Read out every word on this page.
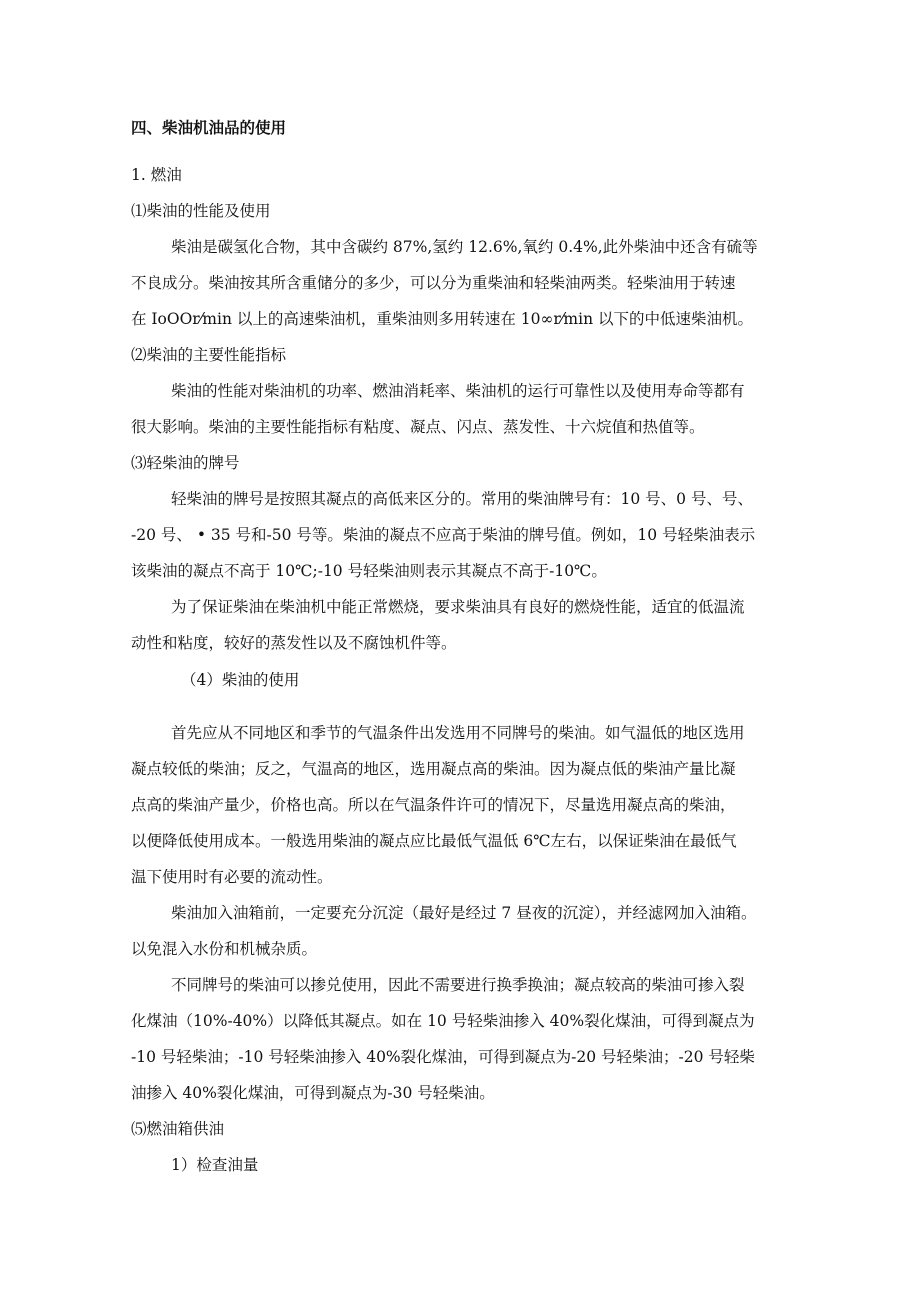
四、柴油机油品的使用
1. 燃油
⑴柴油的性能及使用
柴油是碳氢化合物，其中含碳约 87%,氢约 12.6%,氧约 0.4%,此外柴油中还含有硫等
不良成分。柴油按其所含重储分的多少，可以分为重柴油和轻柴油两类。轻柴油用于转速
在 IoOOr⁄min 以上的高速柴油机，重柴油则多用转速在 10∞r⁄min 以下的中低速柴油机。
⑵柴油的主要性能指标
柴油的性能对柴油机的功率、燃油消耗率、柴油机的运行可靠性以及使用寿命等都有
很大影响。柴油的主要性能指标有粘度、凝点、闪点、蒸发性、十六烷值和热值等。
⑶轻柴油的牌号
轻柴油的牌号是按照其凝点的高低来区分的。常用的柴油牌号有：10 号、0 号、号、
-20 号、 • 35 号和-50 号等。柴油的凝点不应高于柴油的牌号值。例如，10 号轻柴油表示
该柴油的凝点不高于 10℃;-10 号轻柴油则表示其凝点不高于-10℃。
为了保证柴油在柴油机中能正常燃烧，要求柴油具有良好的燃烧性能，适宜的低温流
动性和粘度，较好的蒸发性以及不腐蚀机件等。
（4）柴油的使用
首先应从不同地区和季节的气温条件出发选用不同牌号的柴油。如气温低的地区选用
凝点较低的柴油；反之，气温高的地区，选用凝点高的柴油。因为凝点低的柴油产量比凝
点高的柴油产量少，价格也高。所以在气温条件许可的情况下，尽量选用凝点高的柴油，
以便降低使用成本。一般选用柴油的凝点应比最低气温低 6℃左右，以保证柴油在最低气
温下使用时有必要的流动性。
柴油加入油箱前，一定要充分沉淀（最好是经过 7 昼夜的沉淀），并经滤网加入油箱。
以免混入水份和机械杂质。
不同牌号的柴油可以掺兑使用，因此不需要进行换季换油；凝点较高的柴油可掺入裂
化煤油（10%-40%）以降低其凝点。如在 10 号轻柴油掺入 40%裂化煤油，可得到凝点为
-10 号轻柴油；-10 号轻柴油掺入 40%裂化煤油，可得到凝点为-20 号轻柴油；-20 号轻柴
油掺入 40%裂化煤油，可得到凝点为-30 号轻柴油。
⑸燃油箱供油
1）检查油量
